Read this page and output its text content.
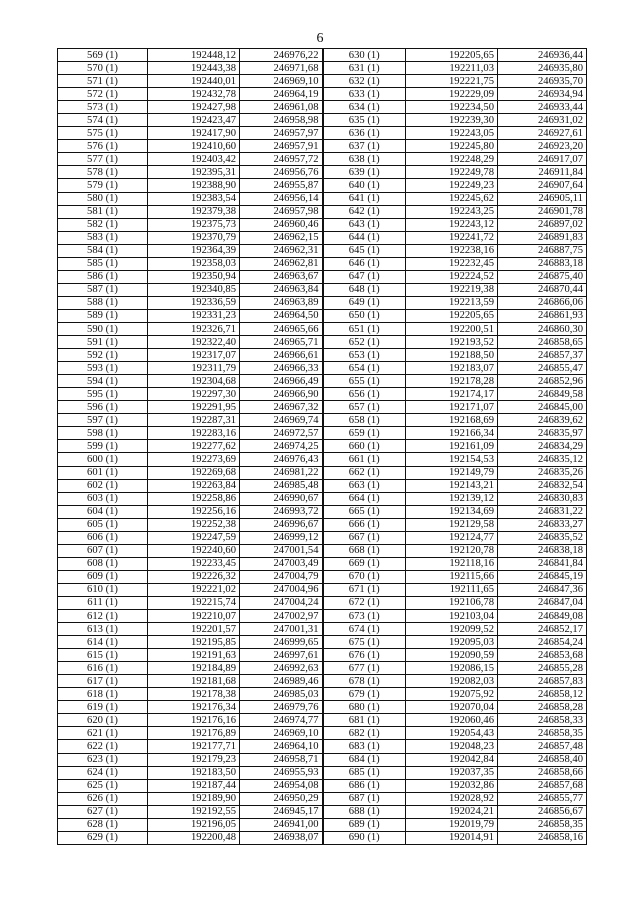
6
569 (1)	192448,12	246976,22	630 (1)	192205,65	246936,44
570 (1)	192443,38	246971,68	631 (1)	192211,03	246935,80
571 (1)	192440,01	246969,10	632 (1)	192221,75	246935,70
572 (1)	192432,78	246964,19	633 (1)	192229,09	246934,94
573 (1)	192427,98	246961,08	634 (1)	192234,50	246933,44
574 (1)	192423,47	246958,98	635 (1)	192239,30	246931,02
575 (1)	192417,90	246957,97	636 (1)	192243,05	246927,61
576 (1)	192410,60	246957,91	637 (1)	192245,80	246923,20
577 (1)	192403,42	246957,72	638 (1)	192248,29	246917,07
578 (1)	192395,31	246956,76	639 (1)	192249,78	246911,84
579 (1)	192388,90	246955,87	640 (1)	192249,23	246907,64
580 (1)	192383,54	246956,14	641 (1)	192245,62	246905,11
581 (1)	192379,38	246957,98	642 (1)	192243,25	246901,78
582 (1)	192375,73	246960,46	643 (1)	192243,12	246897,02
583 (1)	192370,79	246962,15	644 (1)	192241,72	246891,83
584 (1)	192364,39	246962,31	645 (1)	192238,16	246887,75
585 (1)	192358,03	246962,81	646 (1)	192232,45	246883,18
586 (1)	192350,94	246963,67	647 (1)	192224,52	246875,40
587 (1)	192340,85	246963,84	648 (1)	192219,38	246870,44
588 (1)	192336,59	246963,89	649 (1)	192213,59	246866,06
589 (1)	192331,23	246964,50	650 (1)	192205,65	246861,93
590 (1)	192326,71	246965,66	651 (1)	192200,51	246860,30
591 (1)	192322,40	246965,71	652 (1)	192193,52	246858,65
592 (1)	192317,07	246966,61	653 (1)	192188,50	246857,37
593 (1)	192311,79	246966,33	654 (1)	192183,07	246855,47
594 (1)	192304,68	246966,49	655 (1)	192178,28	246852,96
595 (1)	192297,30	246966,90	656 (1)	192174,17	246849,58
596 (1)	192291,95	246967,32	657 (1)	192171,07	246845,00
597 (1)	192287,31	246969,74	658 (1)	192168,69	246839,62
598 (1)	192283,16	246972,57	659 (1)	192166,34	246835,97
599 (1)	192277,62	246974,25	660 (1)	192161,09	246834,29
600 (1)	192273,69	246976,43	661 (1)	192154,53	246835,12
601 (1)	192269,68	246981,22	662 (1)	192149,79	246835,26
602 (1)	192263,84	246985,48	663 (1)	192143,21	246832,54
603 (1)	192258,86	246990,67	664 (1)	192139,12	246830,83
604 (1)	192256,16	246993,72	665 (1)	192134,69	246831,22
605 (1)	192252,38	246996,67	666 (1)	192129,58	246833,27
606 (1)	192247,59	246999,12	667 (1)	192124,77	246835,52
607 (1)	192240,60	247001,54	668 (1)	192120,78	246838,18
608 (1)	192233,45	247003,49	669 (1)	192118,16	246841,84
609 (1)	192226,32	247004,79	670 (1)	192115,66	246845,19
610 (1)	192221,02	247004,96	671 (1)	192111,65	246847,36
611 (1)	192215,74	247004,24	672 (1)	192106,78	246847,04
612 (1)	192210,07	247002,97	673 (1)	192103,04	246849,08
613 (1)	192201,57	247001,31	674 (1)	192099,52	246852,17
614 (1)	192195,85	246999,65	675 (1)	192095,03	246854,24
615 (1)	192191,63	246997,61	676 (1)	192090,59	246853,68
616 (1)	192184,89	246992,63	677 (1)	192086,15	246855,28
617 (1)	192181,68	246989,46	678 (1)	192082,03	246857,83
618 (1)	192178,38	246985,03	679 (1)	192075,92	246858,12
619 (1)	192176,34	246979,76	680 (1)	192070,04	246858,28
620 (1)	192176,16	246974,77	681 (1)	192060,46	246858,33
621 (1)	192176,89	246969,10	682 (1)	192054,43	246858,35
622 (1)	192177,71	246964,10	683 (1)	192048,23	246857,48
623 (1)	192179,23	246958,71	684 (1)	192042,84	246858,40
624 (1)	192183,50	246955,93	685 (1)	192037,35	246858,66
625 (1)	192187,44	246954,08	686 (1)	192032,86	246857,68
626 (1)	192189,90	246950,29	687 (1)	192028,92	246855,77
627 (1)	192192,55	246945,17	688 (1)	192024,21	246856,67
628 (1)	192196,05	246941,00	689 (1)	192019,79	246858,35
629 (1)	192200,48	246938,07	690 (1)	192014,91	246858,16
